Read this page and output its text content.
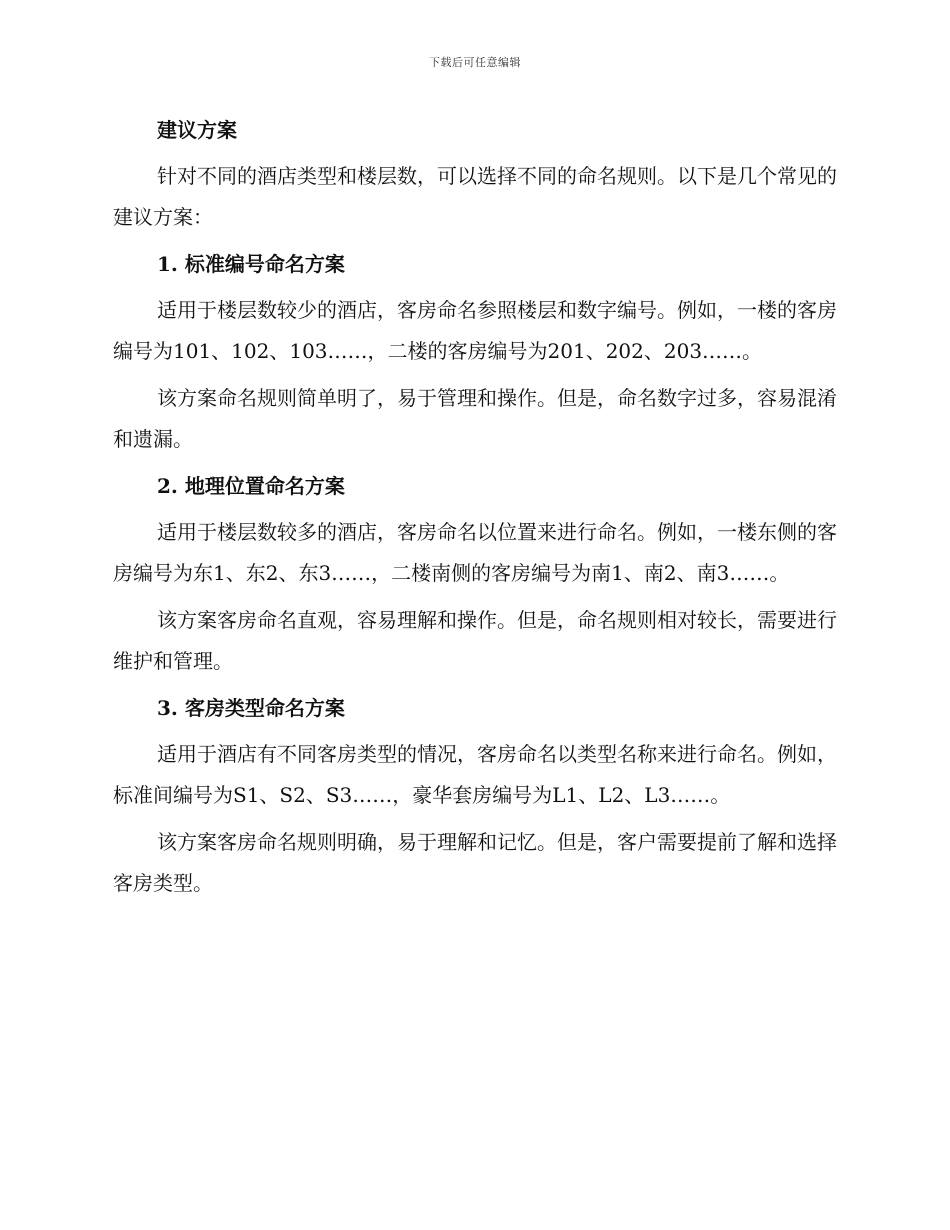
下载后可任意编辑
建议方案

针对不同的酒店类型和楼层数，可以选择不同的命名规则。以下是几个常见的建议方案：

1. 标准编号命名方案

适用于楼层数较少的酒店，客房命名参照楼层和数字编号。例如，一楼的客房编号为101、102、103……，二楼的客房编号为201、202、203……。

该方案命名规则简单明了，易于管理和操作。但是，命名数字过多，容易混淆和遗漏。

2. 地理位置命名方案

适用于楼层数较多的酒店，客房命名以位置来进行命名。例如，一楼东侧的客房编号为东1、东2、东3……，二楼南侧的客房编号为南1、南2、南3……。

该方案客房命名直观，容易理解和操作。但是，命名规则相对较长，需要进行维护和管理。

3. 客房类型命名方案

适用于酒店有不同客房类型的情况，客房命名以类型名称来进行命名。例如，标准间编号为S1、S2、S3……，豪华套房编号为L1、L2、L3……。

该方案客房命名规则明确，易于理解和记忆。但是，客户需要提前了解和选择客房类型。
